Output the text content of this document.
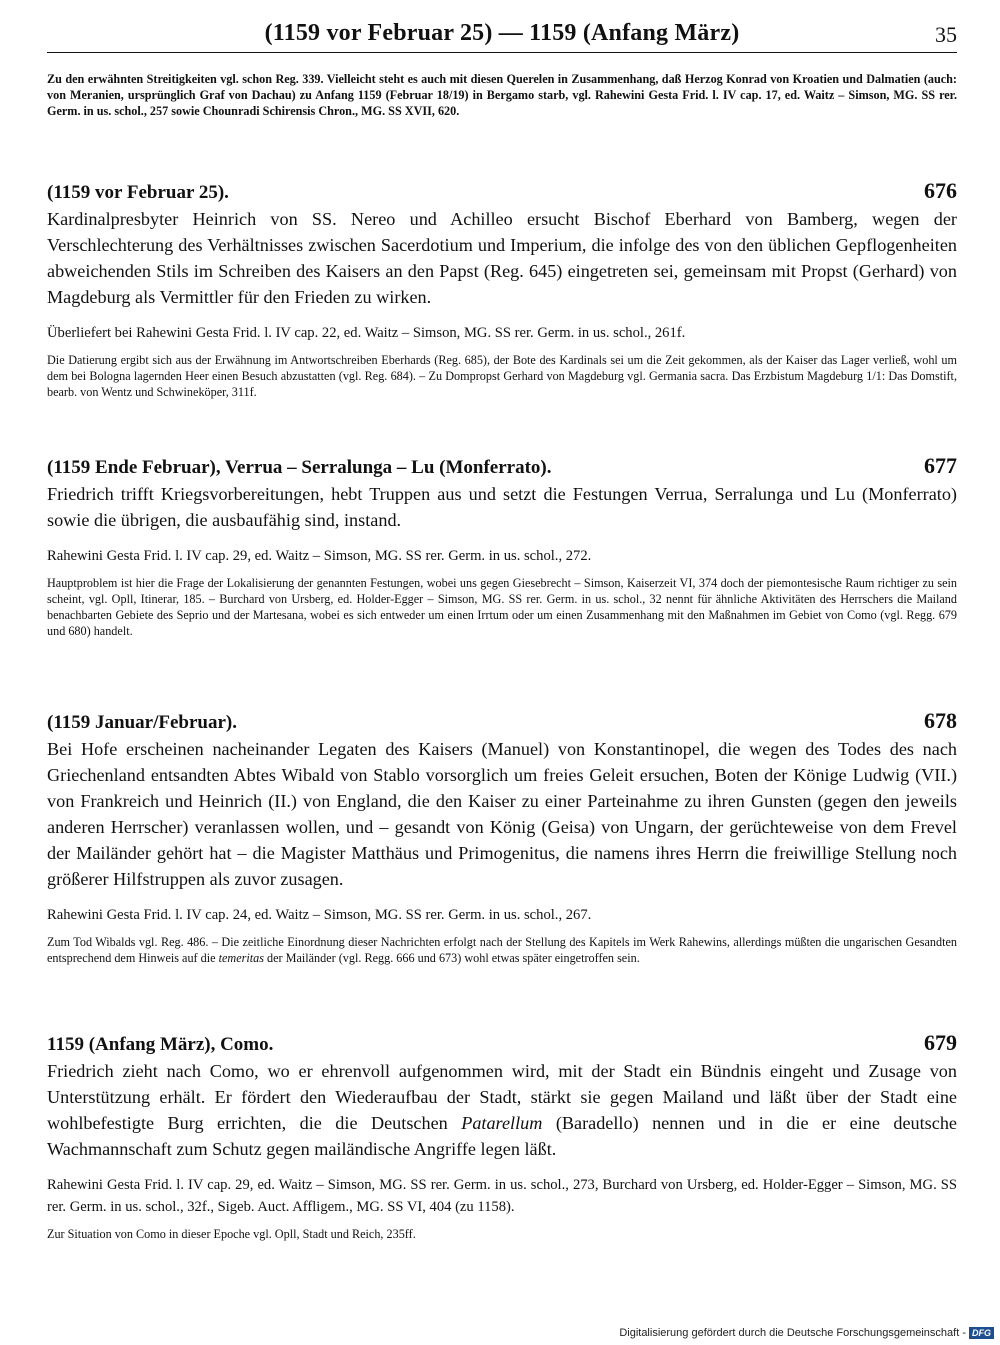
(1159 vor Februar 25) — 1159 (Anfang März)	35
Zu den erwähnten Streitigkeiten vgl. schon Reg. 339. Vielleicht steht es auch mit diesen Querelen in Zusammenhang, daß Herzog Konrad von Kroatien und Dalmatien (auch: von Meranien, ursprünglich Graf von Dachau) zu Anfang 1159 (Februar 18/19) in Bergamo starb, vgl. Rahewini Gesta Frid. l. IV cap. 17, ed. Waitz – Simson, MG. SS rer. Germ. in us. schol., 257 sowie Chounradi Schirensis Chron., MG. SS XVII, 620.
(1159 vor Februar 25).	676
Kardinalpresbyter Heinrich von SS. Nereo und Achilleo ersucht Bischof Eberhard von Bamberg, wegen der Verschlechterung des Verhältnisses zwischen Sacerdotium und Imperium, die infolge des von den üblichen Gepflogenheiten abweichenden Stils im Schreiben des Kaisers an den Papst (Reg. 645) eingetreten sei, gemeinsam mit Propst (Gerhard) von Magdeburg als Vermittler für den Frieden zu wirken.
Überliefert bei Rahewini Gesta Frid. l. IV cap. 22, ed. Waitz – Simson, MG. SS rer. Germ. in us. schol., 261f.
Die Datierung ergibt sich aus der Erwähnung im Antwortschreiben Eberhards (Reg. 685), der Bote des Kardinals sei um die Zeit gekommen, als der Kaiser das Lager verließ, wohl um dem bei Bologna lagernden Heer einen Besuch abzustatten (vgl. Reg. 684). – Zu Dompropst Gerhard von Magdeburg vgl. Germania sacra. Das Erzbistum Magdeburg 1/1: Das Domstift, bearb. von Wentz und Schwineköper, 311f.
(1159 Ende Februar), Verrua – Serralunga – Lu (Monferrato).	677
Friedrich trifft Kriegsvorbereitungen, hebt Truppen aus und setzt die Festungen Verrua, Serralunga und Lu (Monferrato) sowie die übrigen, die ausbaufähig sind, instand.
Rahewini Gesta Frid. l. IV cap. 29, ed. Waitz – Simson, MG. SS rer. Germ. in us. schol., 272.
Hauptproblem ist hier die Frage der Lokalisierung der genannten Festungen, wobei uns gegen Giesebrecht – Simson, Kaiserzeit VI, 374 doch der piemontesische Raum richtiger zu sein scheint, vgl. Opll, Itinerar, 185. – Burchard von Ursberg, ed. Holder-Egger – Simson, MG. SS rer. Germ. in us. schol., 32 nennt für ähnliche Aktivitäten des Herrschers die Mailand benachbarten Gebiete des Seprio und der Martesana, wobei es sich entweder um einen Irrtum oder um einen Zusammenhang mit den Maßnahmen im Gebiet von Como (vgl. Regg. 679 und 680) handelt.
(1159 Januar/Februar).	678
Bei Hofe erscheinen nacheinander Legaten des Kaisers (Manuel) von Konstantinopel, die wegen des Todes des nach Griechenland entsandten Abtes Wibald von Stablo vorsorglich um freies Geleit ersuchen, Boten der Könige Ludwig (VII.) von Frankreich und Heinrich (II.) von England, die den Kaiser zu einer Parteinahme zu ihren Gunsten (gegen den jeweils anderen Herrscher) veranlassen wollen, und – gesandt von König (Geisa) von Ungarn, der gerüchteweise von dem Frevel der Mailänder gehört hat – die Magister Matthäus und Primogenitus, die namens ihres Herrn die freiwillige Stellung noch größerer Hilfstruppen als zuvor zusagen.
Rahewini Gesta Frid. l. IV cap. 24, ed. Waitz – Simson, MG. SS rer. Germ. in us. schol., 267.
Zum Tod Wibalds vgl. Reg. 486. – Die zeitliche Einordnung dieser Nachrichten erfolgt nach der Stellung des Kapitels im Werk Rahewins, allerdings müßten die ungarischen Gesandten entsprechend dem Hinweis auf die temeritas der Mailänder (vgl. Regg. 666 und 673) wohl etwas später eingetroffen sein.
1159 (Anfang März), Como.	679
Friedrich zieht nach Como, wo er ehrenvoll aufgenommen wird, mit der Stadt ein Bündnis eingeht und Zusage von Unterstützung erhält. Er fördert den Wiederaufbau der Stadt, stärkt sie gegen Mailand und läßt über der Stadt eine wohlbefestigte Burg errichten, die die Deutschen Patarellum (Baradello) nennen und in die er eine deutsche Wachmannschaft zum Schutz gegen mailändische Angriffe legen läßt.
Rahewini Gesta Frid. l. IV cap. 29, ed. Waitz – Simson, MG. SS rer. Germ. in us. schol., 273, Burchard von Ursberg, ed. Holder-Egger – Simson, MG. SS rer. Germ. in us. schol., 32f., Sigeb. Auct. Affligem., MG. SS VI, 404 (zu 1158).
Zur Situation von Como in dieser Epoche vgl. Opll, Stadt und Reich, 235ff.
Digitalisierung gefördert durch die Deutsche Forschungsgemeinschaft - DFG
